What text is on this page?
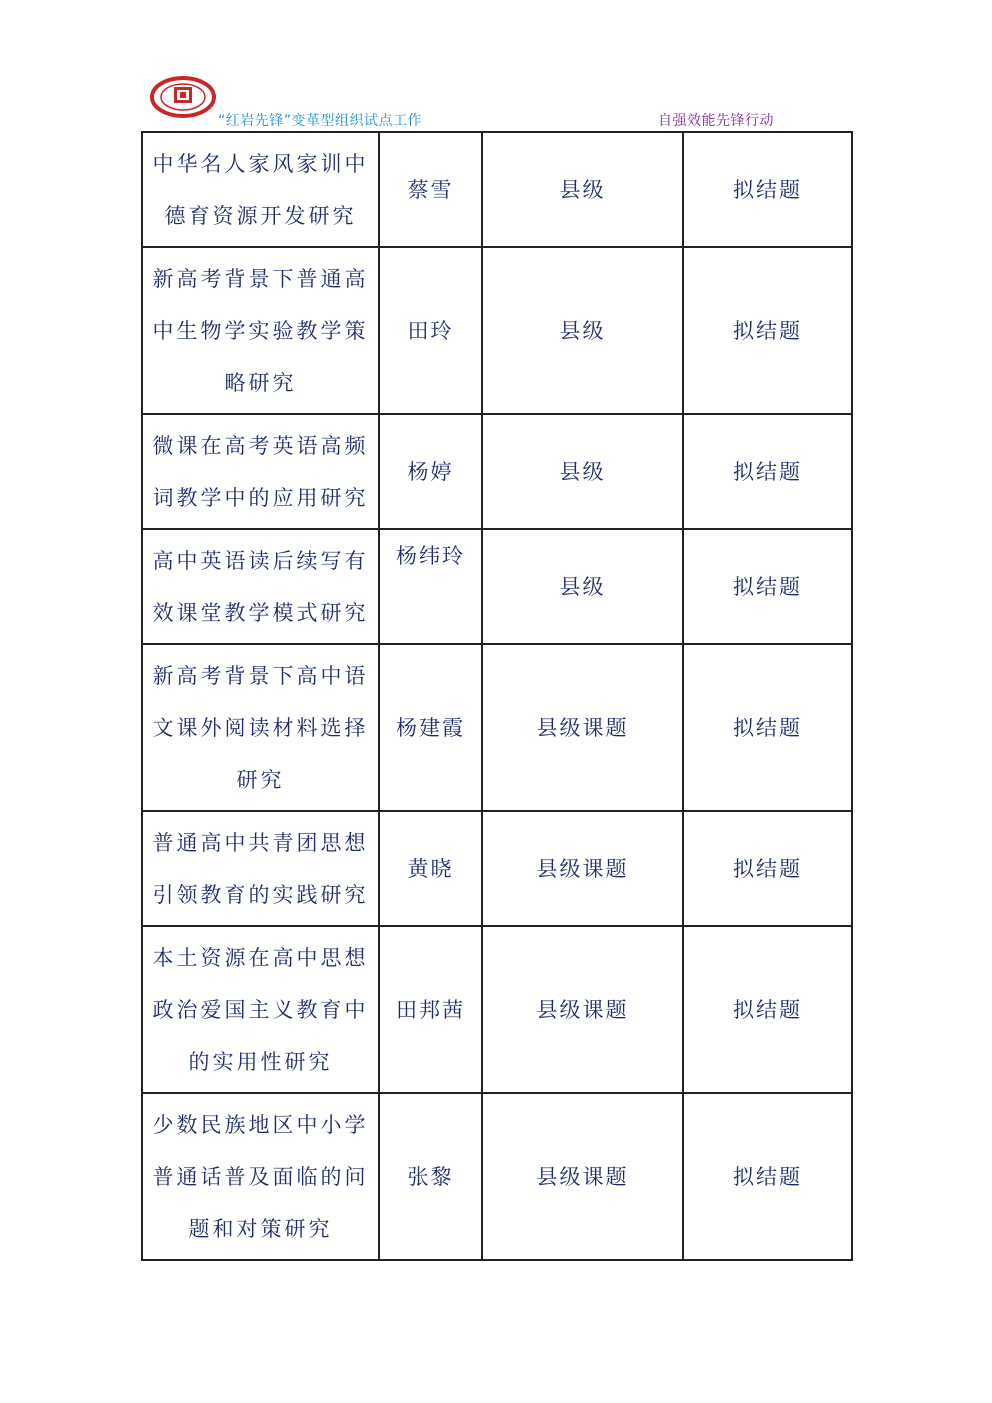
“红岩先锋”变革型组织试点工作	自强效能先锋行动
中华名人家风家训中德育资源开发研究	蔡雪	县级	拟结题
新高考背景下普通高中生物学实验教学策略研究	田玲	县级	拟结题
微课在高考英语高频词教学中的应用研究	杨婷	县级	拟结题
高中英语读后续写有效课堂教学模式研究	杨纬玲	县级	拟结题
新高考背景下高中语文课外阅读材料选择研究	杨建霞	县级课题	拟结题
普通高中共青团思想引领教育的实践研究	黄晓	县级课题	拟结题
本土资源在高中思想政治爱国主义教育中的实用性研究	田邦茜	县级课题	拟结题
少数民族地区中小学普通话普及面临的问题和对策研究	张黎	县级课题	拟结题
